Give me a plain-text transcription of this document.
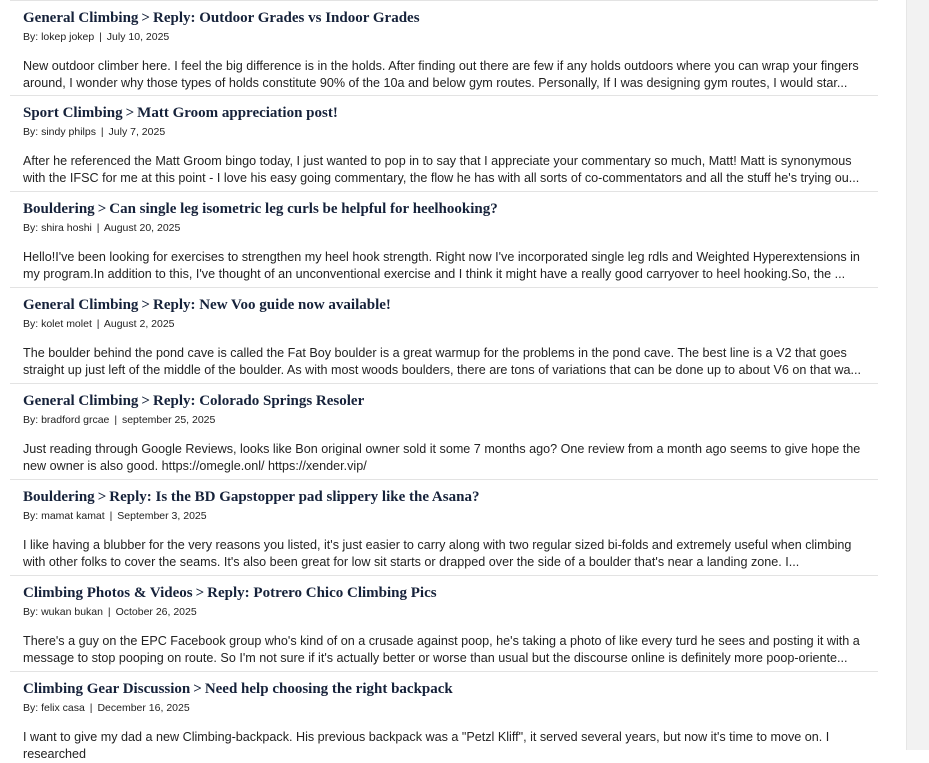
General Climbing > Reply: Outdoor Grades vs Indoor Grades
By: lokep jokep | July 10, 2025
New outdoor climber here. I feel the big difference is in the holds. After finding out there are few if any holds outdoors where you can wrap your fingers around, I wonder why those types of holds constitute 90% of the 10a and below gym routes. Personally, If I was designing gym routes, I would star...
Sport Climbing > Matt Groom appreciation post!
By: sindy philps | July 7, 2025
After he referenced the Matt Groom bingo today, I just wanted to pop in to say that I appreciate your commentary so much, Matt! Matt is synonymous with the IFSC for me at this point - I love his easy going commentary, the flow he has with all sorts of co-commentators and all the stuff he's trying ou...
Bouldering > Can single leg isometric leg curls be helpful for heelhooking?
By: shira hoshi | August 20, 2025
Hello!I've been looking for exercises to strengthen my heel hook strength. Right now I've incorporated single leg rdls and Weighted Hyperextensions in my program.In addition to this, I've thought of an unconventional exercise and I think it might have a really good carryover to heel hooking.So, the ...
General Climbing > Reply: New Voo guide now available!
By: kolet molet | August 2, 2025
The boulder behind the pond cave is called the Fat Boy boulder is a great warmup for the problems in the pond cave. The best line is a V2 that goes straight up just left of the middle of the boulder. As with most woods boulders, there are tons of variations that can be done up to about V6 on that wa...
General Climbing > Reply: Colorado Springs Resoler
By: bradford grcae | september 25, 2025
Just reading through Google Reviews, looks like Bon original owner sold it some 7 months ago? One review from a month ago seems to give hope the new owner is also good. https://omegle.onl/ https://xender.vip/
Bouldering > Reply: Is the BD Gapstopper pad slippery like the Asana?
By: mamat kamat | September 3, 2025
I like having a blubber for the very reasons you listed, it's just easier to carry along with two regular sized bi-folds and extremely useful when climbing with other folks to cover the seams. It's also been great for low sit starts or drapped over the side of a boulder that's near a landing zone. I...
Climbing Photos & Videos > Reply: Potrero Chico Climbing Pics
By: wukan bukan | October 26, 2025
There's a guy on the EPC Facebook group who's kind of on a crusade against poop, he's taking a photo of like every turd he sees and posting it with a message to stop pooping on route. So I'm not sure if it's actually better or worse than usual but the discourse online is definitely more poop-oriente...
Climbing Gear Discussion > Need help choosing the right backpack
By: felix casa | December 16, 2025
I want to give my dad a new Climbing-backpack. His previous backpack was a "Petzl Kliff", it served several years, but now it's time to move on. I researched
